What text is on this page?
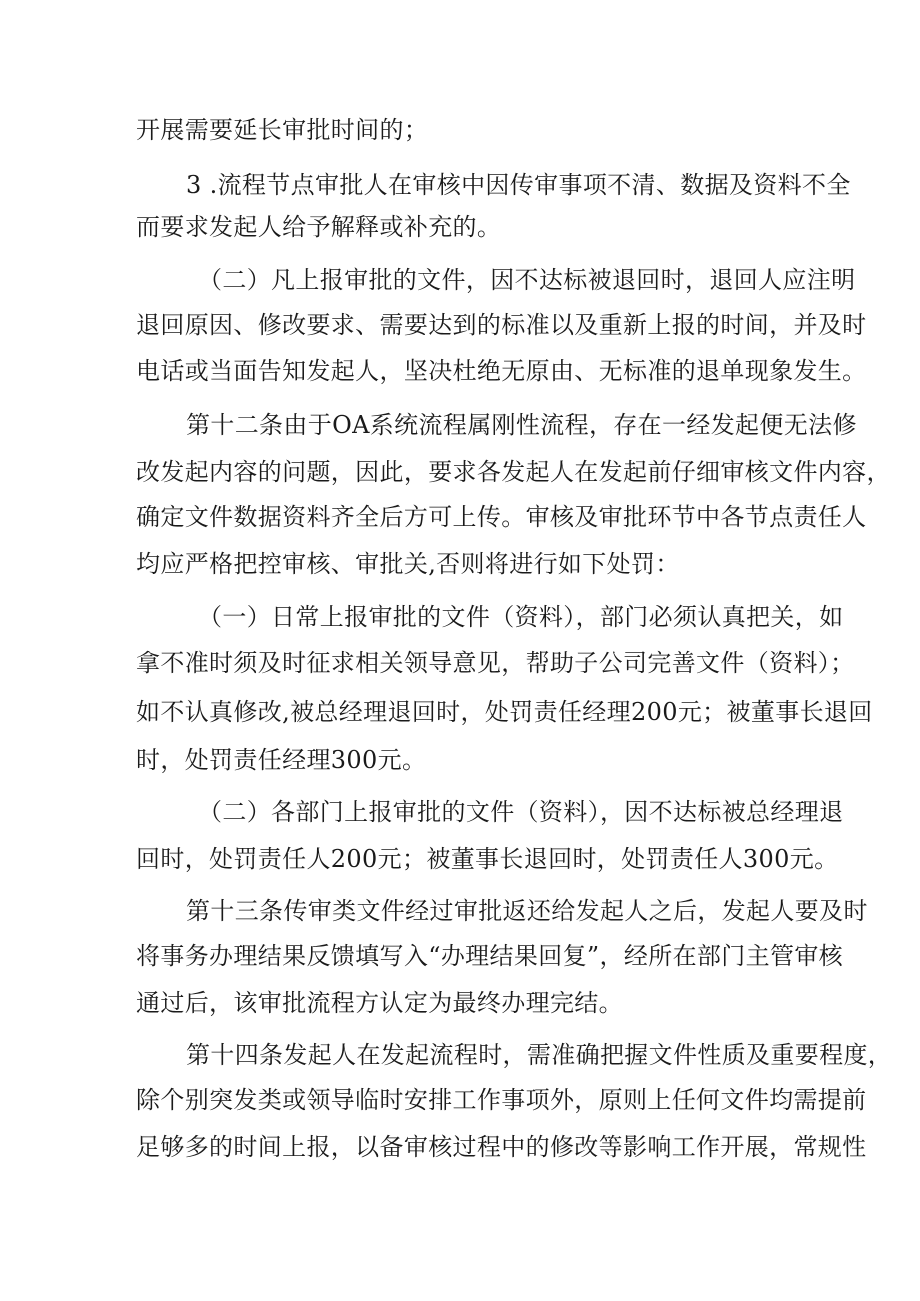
开展需要延长审批时间的；
3 .流程节点审批人在审核中因传审事项不清、数据及资料不全
而要求发起人给予解释或补充的。
（二）凡上报审批的文件，因不达标被退回时，退回人应注明
退回原因、修改要求、需要达到的标准以及重新上报的时间，并及时
电话或当面告知发起人，坚决杜绝无原由、无标准的退单现象发生。
第十二条由于OA系统流程属刚性流程，存在一经发起便无法修
改发起内容的问题，因此，要求各发起人在发起前仔细审核文件内容，
确定文件数据资料齐全后方可上传。审核及审批环节中各节点责任人
均应严格把控审核、审批关,否则将进行如下处罚：
（一）日常上报审批的文件（资料），部门必须认真把关，如
拿不准时须及时征求相关领导意见，帮助子公司完善文件（资料）；
如不认真修改,被总经理退回时，处罚责任经理200元；被董事长退回
时，处罚责任经理300元。
（二）各部门上报审批的文件（资料），因不达标被总经理退
回时，处罚责任人200元；被董事长退回时，处罚责任人300元。
第十三条传审类文件经过审批返还给发起人之后，发起人要及时
将事务办理结果反馈填写入“办理结果回复”，经所在部门主管审核
通过后，该审批流程方认定为最终办理完结。
第十四条发起人在发起流程时，需准确把握文件性质及重要程度，
除个别突发类或领导临时安排工作事项外，原则上任何文件均需提前
足够多的时间上报，以备审核过程中的修改等影响工作开展，常规性
